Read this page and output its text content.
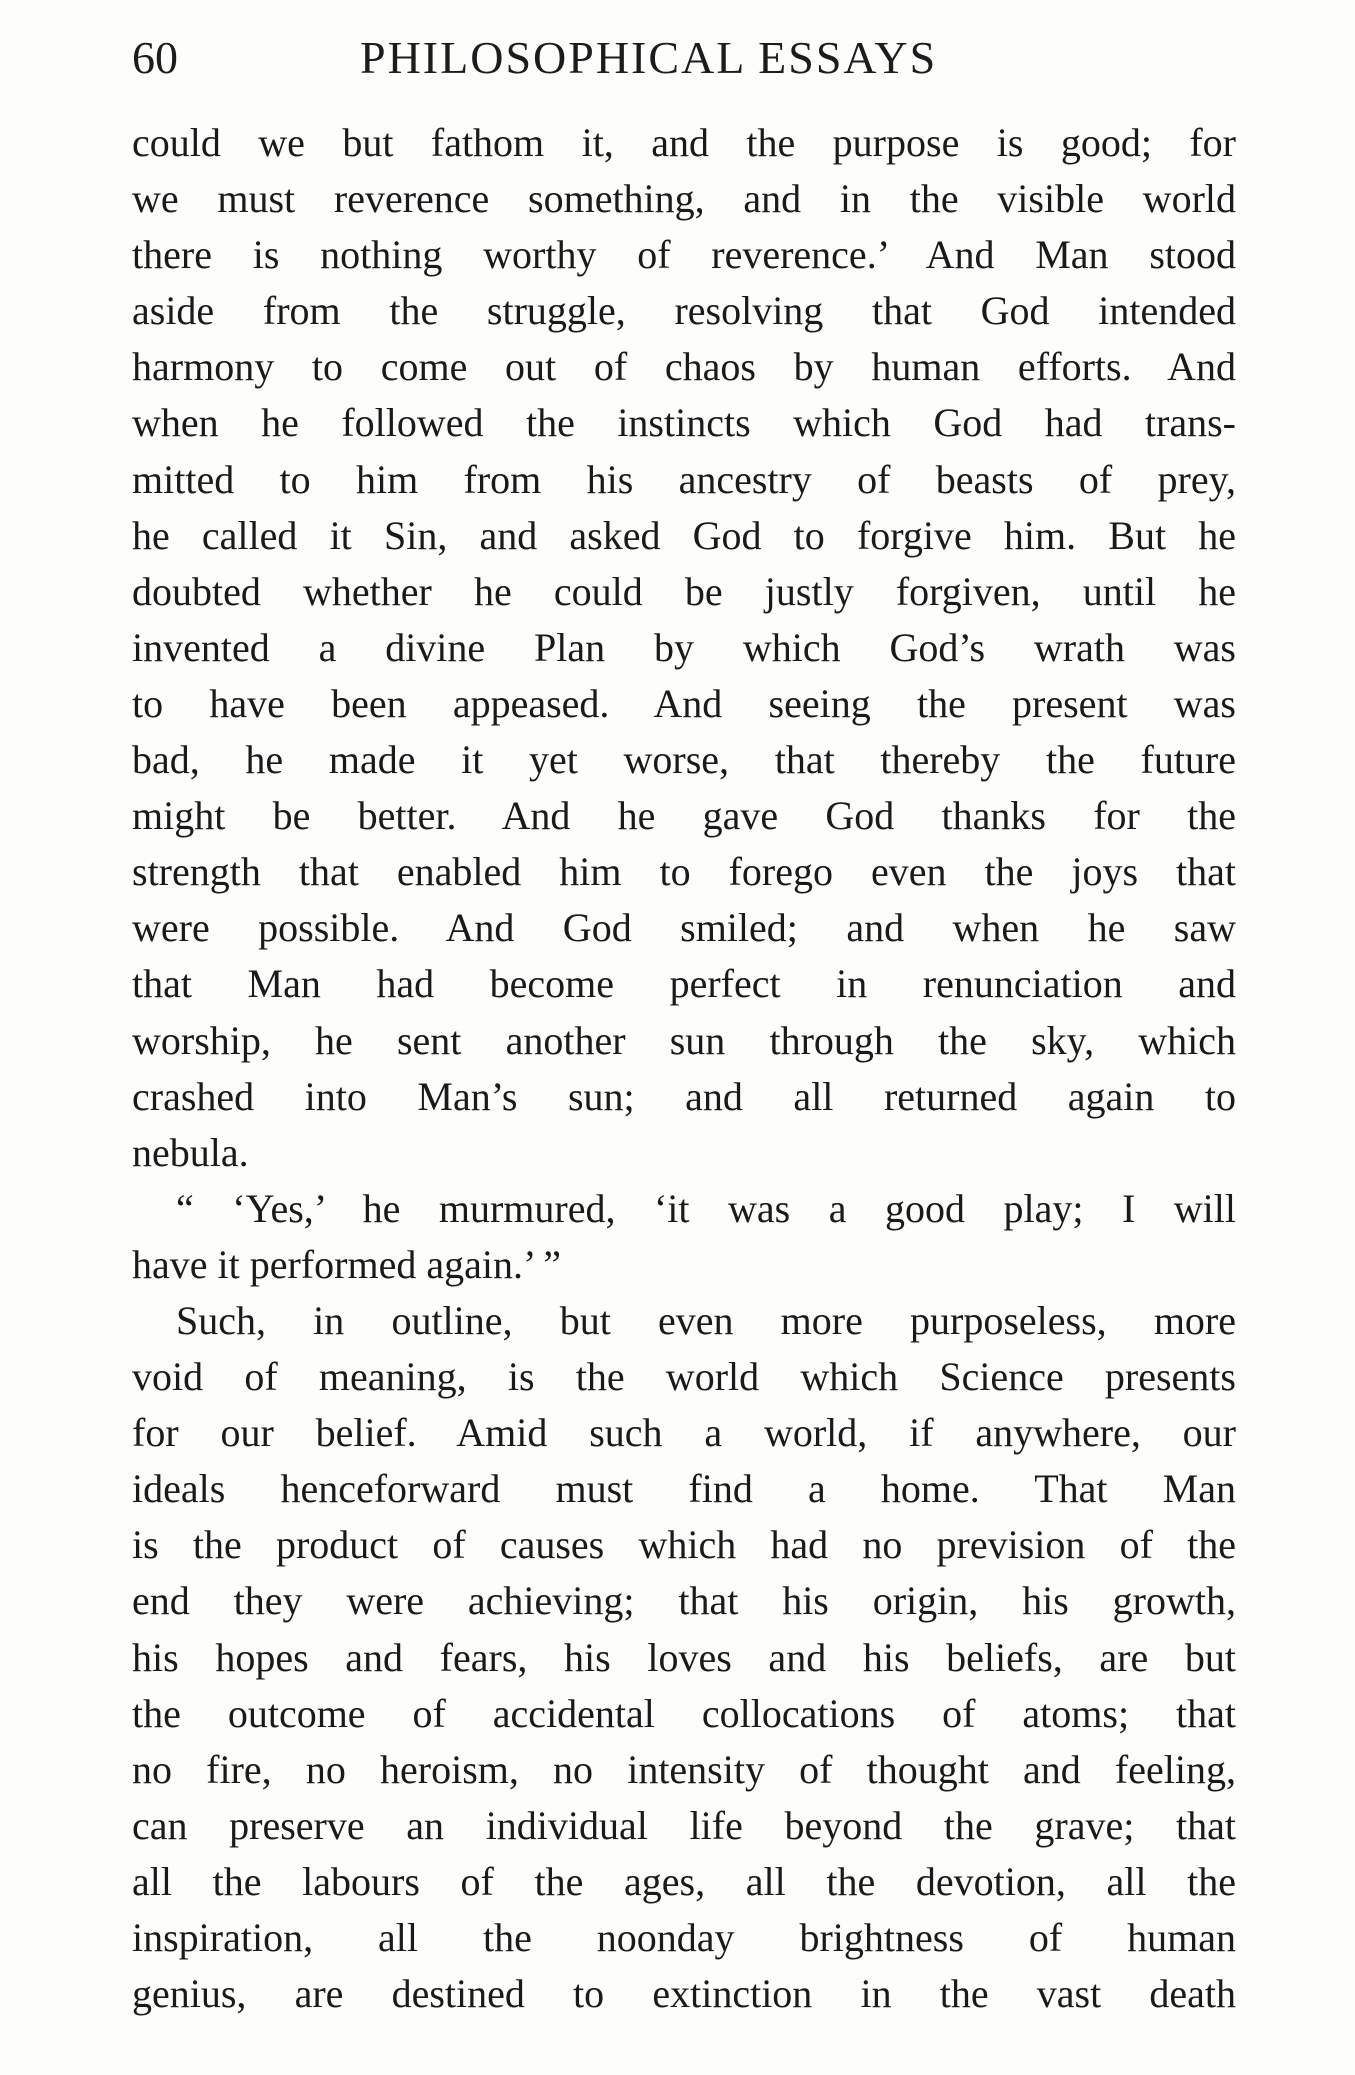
60	PHILOSOPHICAL ESSAYS
could we but fathom it, and the purpose is good; for
we must reverence something, and in the visible world
there is nothing worthy of reverence.’ And Man stood
aside from the struggle, resolving that God intended
harmony to come out of chaos by human efforts. And
when he followed the instincts which God had trans-
mitted to him from his ancestry of beasts of prey,
he called it Sin, and asked God to forgive him. But he
doubted whether he could be justly forgiven, until he
invented a divine Plan by which God’s wrath was
to have been appeased. And seeing the present was
bad, he made it yet worse, that thereby the future
might be better. And he gave God thanks for the
strength that enabled him to forego even the joys that
were possible. And God smiled; and when he saw
that Man had become perfect in renunciation and
worship, he sent another sun through the sky, which
crashed into Man’s sun; and all returned again to
nebula.
“ ‘Yes,’ he murmured, ‘it was a good play; I will
have it performed again.’ ”
Such, in outline, but even more purposeless, more
void of meaning, is the world which Science presents
for our belief. Amid such a world, if anywhere, our
ideals henceforward must find a home. That Man
is the product of causes which had no prevision of the
end they were achieving; that his origin, his growth,
his hopes and fears, his loves and his beliefs, are but
the outcome of accidental collocations of atoms; that
no fire, no heroism, no intensity of thought and feeling,
can preserve an individual life beyond the grave; that
all the labours of the ages, all the devotion, all the
inspiration, all the noonday brightness of human
genius, are destined to extinction in the vast death
